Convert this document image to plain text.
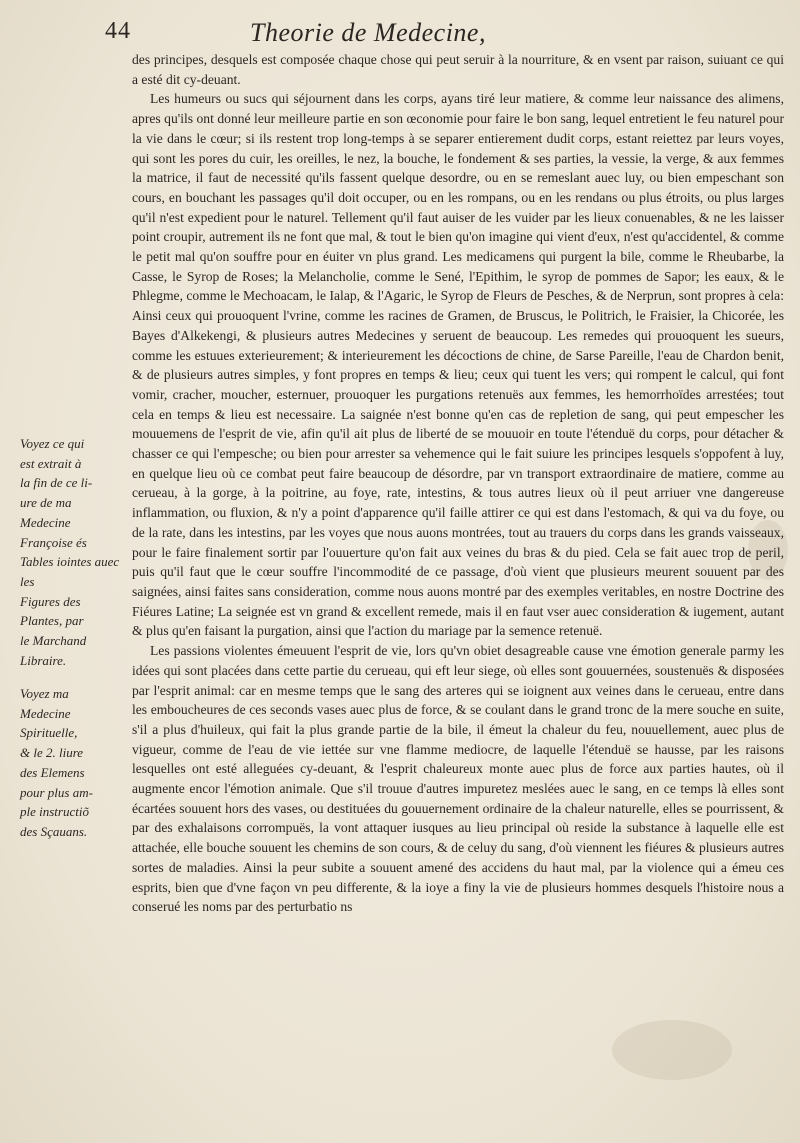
44	Theorie de Medecine,

des principes, desquels est composée chaque chose qui peut seruir à la nourriture, & en vsent par raison, suiuant ce qui a esté dit cy-deuant.

Les humeurs ou sucs qui séjournent dans les corps, ayans tiré leur matiere, & comme leur naissance des alimens, apres qu'ils ont donné leur meilleure partie en son œconomie pour faire le bon sang, lequel entretient le feu naturel pour la vie dans le cœur; si ils restent trop long-temps à se separer entierement dudit corps, estant reiettez par leurs voyes, qui sont les pores du cuir, les oreilles, le nez, la bouche, le fondement & ses parties, la vessie, la verge, & aux femmes la matrice, il faut de necessité qu'ils fassent quelque desordre, ou en se remeslant auec luy, ou bien empeschant son cours, en bouchant les passages qu'il doit occuper, ou en les rompans, ou en les rendans ou plus étroits, ou plus larges qu'il n'est expedient pour le naturel. Tellement qu'il faut auiser de les vuider par les lieux conuenables, & ne les laisser point croupir, autrement ils ne font que mal, & tout le bien qu'on imagine qui vient d'eux, n'est qu'accidentel, & comme le petit mal qu'on souffre pour en éuiter vn plus grand. Les medicamens qui purgent la bile, comme le Rheubarbe, la Casse, le Syrop de Roses; la Melancholie, comme le Sené, l'Epithim, le syrop de pommes de Sapor; les eaux, & le Phlegme, comme le Mechoacam, le Ialap, & l'Agaric, le Syrop de Fleurs de Pesches, & de Nerprun, sont propres à cela: Ainsi ceux qui prouoquent l'vrine, comme les racines de Gramen, de Bruscus, le Politrich, le Fraisier, la Chicorée, les Bayes d'Alkekengi, & plusieurs autres Medecines y seruent de beaucoup. Les remedes qui prouoquent les sueurs, comme les estuues exterieurement; & interieurement les décoctions de chine, de Sarse Pareille, l'eau de Chardon benit, & de plusieurs autres simples, y font propres en temps & lieu; ceux qui tuent les vers; qui rompent le calcul, qui font vomir, cracher, moucher, esternuer, prouoquer les purgations retenuës aux femmes, les hemorrhoïdes arrestées; tout cela en temps & lieu est necessaire. La saignée n'est bonne qu'en cas de repletion de sang, qui peut empescher les mouuemens de l'esprit de vie, afin qu'il ait plus de liberté de se mouuoir en toute l'étenduë du corps, pour détacher & chasser ce qui l'empesche; ou bien pour arrester sa vehemence qui le fait suiure les principes lesquels s'oppofent à luy, en quelque lieu où ce combat peut faire beaucoup de désordre, par vn transport extraordinaire de matiere, comme au cerueau, à la gorge, à la poitrine, au foye, rate, intestins, & tous autres lieux où il peut arriuer vne dangereuse inflammation, ou fluxion, & n'y a point d'apparence qu'il faille attirer ce qui est dans l'estomach, & qui va du foye, ou de la rate, dans les intestins, par les voyes que nous auons montrées, tout au trauers du corps dans les grands vaisseaux, pour le faire finalement sortir par l'ouuerture qu'on fait aux veines du bras & du pied. Cela se fait auec trop de peril, puis qu'il faut que le cœur souffre l'incommodité de ce passage, d'où vient que plusieurs meurent souuent par des saignées, ainsi faites sans consideration, comme nous auons montré par des exemples veritables, en nostre Doctrine des Fiéures Latine; La seignée est vn grand & excellent remede, mais il en faut vser auec consideration & iugement, autant & plus qu'en faisant la purgation, ainsi que l'action du mariage par la semence retenuë.

Les passions violentes émeuuent l'esprit de vie, lors qu'vn obiet desagreable cause vne émotion generale parmy les idées qui sont placées dans cette partie du cerueau, qui eft leur siege, où elles sont gouuernées, soustenuës & disposées par l'esprit animal: car en mesme temps que le sang des arteres qui se ioignent aux veines dans le cerueau, entre dans les emboucheures de ces seconds vases auec plus de force, & se coulant dans le grand tronc de la mere souche en suite, s'il a plus d'huileux, qui fait la plus grande partie de la bile, il émeut la chaleur du feu, nouuellement, auec plus de vigueur, comme de l'eau de vie iettée sur vne flamme mediocre, de laquelle l'étenduë se hausse, par les raisons lesquelles ont esté alleguées cy-deuant, & l'esprit chaleureux monte auec plus de force aux parties hautes, où il augmente encor l'émotion animale. Que s'il trouue d'autres impuretez meslées auec le sang, en ce temps là elles sont écartées souuent hors des vases, ou destituées du gouuernement ordinaire de la chaleur naturelle, elles se pourrissent, & par des exhalaisons corrompuës, la vont attaquer iusques au lieu principal où reside la substance à laquelle elle est attachée, elle bouche souuent les chemins de son cours, & de celuy du sang, d'où viennent les fiéures & plusieurs autres sortes de maladies. Ainsi la peur subite a souuent amené des accidens du haut mal, par la violence qui a émeu ces esprits, bien que d'vne façon vn peu differente, & la ioye a finy la vie de plusieurs hommes desquels l'histoire nous a conserué les noms par des perturbatio ns

Voyez ce qui
est extrait à
la fin de ce li-
ure de ma
Medecine
Françoise és
Tables iointes auec les
Figures des
Plantes, par
le Marchand
Libraire.
Voyez ma
Medecine
Spirituelle,
& le 2. liure
des Elemens
pour plus am-
ple instructiõ
des Sçauans.
